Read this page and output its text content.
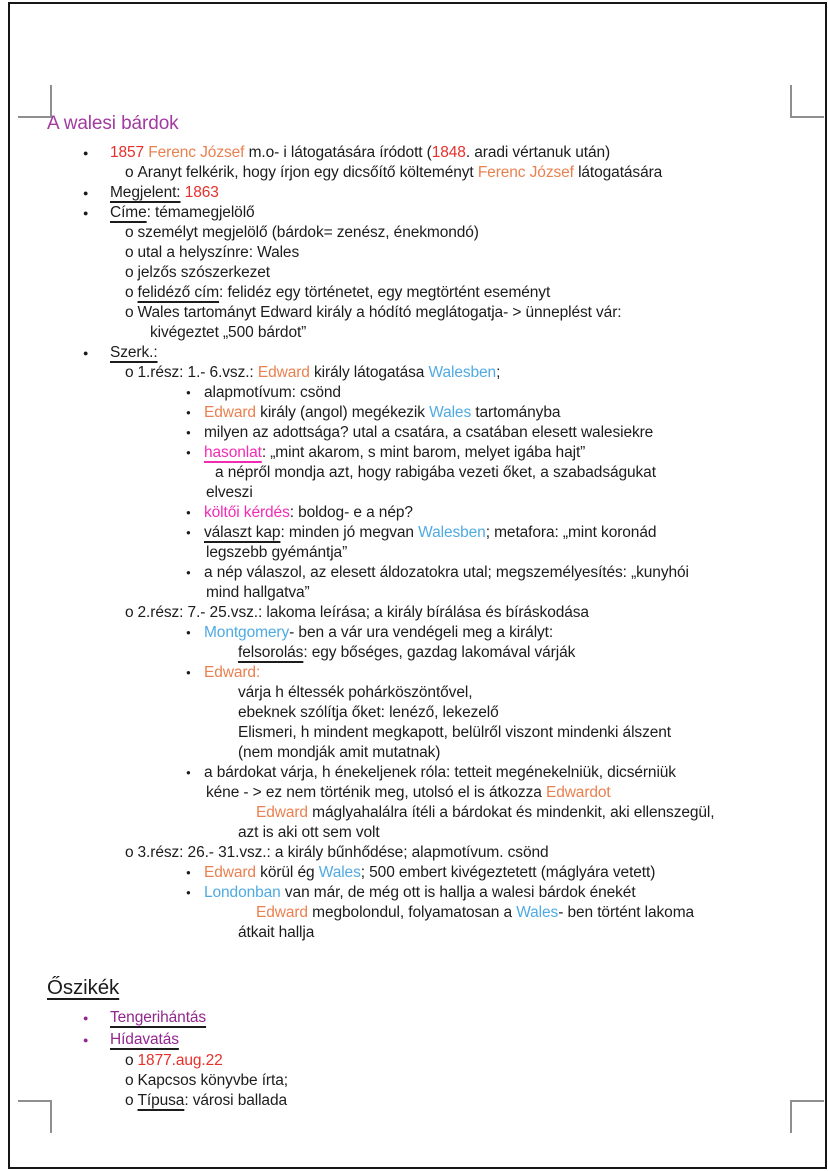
A walesi bárdok
● 1857 Ferenc József m.o- i látogatására íródott (1848. aradi vértanuk után)
o Aranyt felkérik, hogy írjon egy dicsőítő költeményt Ferenc József látogatására
● Megjelent: 1863
● Címe: témamegjelölő
o személyt megjelölő (bárdok= zenész, énekmondó)
o utal a helyszínre: Wales
o jelzős szószerkezet
o felidéző cím: felidéz egy történetet, egy megtörtént eseményt
o Wales tartományt Edward király a hódító meglátogatja- > ünneplést vár:
kivégeztet „500 bárdot”
● Szerk.:
o 1.rész: 1.- 6.vsz.: Edward király látogatása Walesben;
● alapmotívum: csönd
● Edward király (angol) megékezik Wales tartományba
● milyen az adottsága? utal a csatára, a csatában elesett walesiekre
● hasonlat: „mint akarom, s mint barom, melyet igába hajt”
a népről mondja azt, hogy rabigába vezeti őket, a szabadságukat
elveszi
● költői kérdés: boldog- e a nép?
● választ kap: minden jó megvan Walesben; metafora: „mint koronád
legszebb gyémántja”
● a nép válaszol, az elesett áldozatokra utal; megszemélyesítés: „kunyhói
mind hallgatva”
o 2.rész: 7.- 25.vsz.: lakoma leírása; a király bírálása és bíráskodása
● Montgomery- ben a vár ura vendégeli meg a királyt:
felsorolás: egy bőséges, gazdag lakomával várják
● Edward:
várja h éltessék pohárköszöntővel,
ebeknek szólítja őket: lenéző, lekezelő
Elismeri, h mindent megkapott, belülről viszont mindenki álszent
(nem mondják amit mutatnak)
● a bárdokat várja, h énekeljenek róla: tetteit megénekelniük, dicsérniük
kéne - > ez nem történik meg, utolsó el is átkozza Edwardot
Edward máglyahalálra ítéli a bárdokat és mindenkit, aki ellenszegül,
azt is aki ott sem volt
o 3.rész: 26.- 31.vsz.: a király bűnhődése; alapmotívum. csönd
● Edward körül ég Wales; 500 embert kivégeztetett (máglyára vetett)
● Londonban van már, de még ott is hallja a walesi bárdok énekét
Edward megbolondul, folyamatosan a Wales- ben történt lakoma
átkait hallja
Őszikék
● Tengerihántás
● Hídavatás
o 1877.aug.22
o Kapcsos könyvbe írta;
o Típusa: városi ballada
